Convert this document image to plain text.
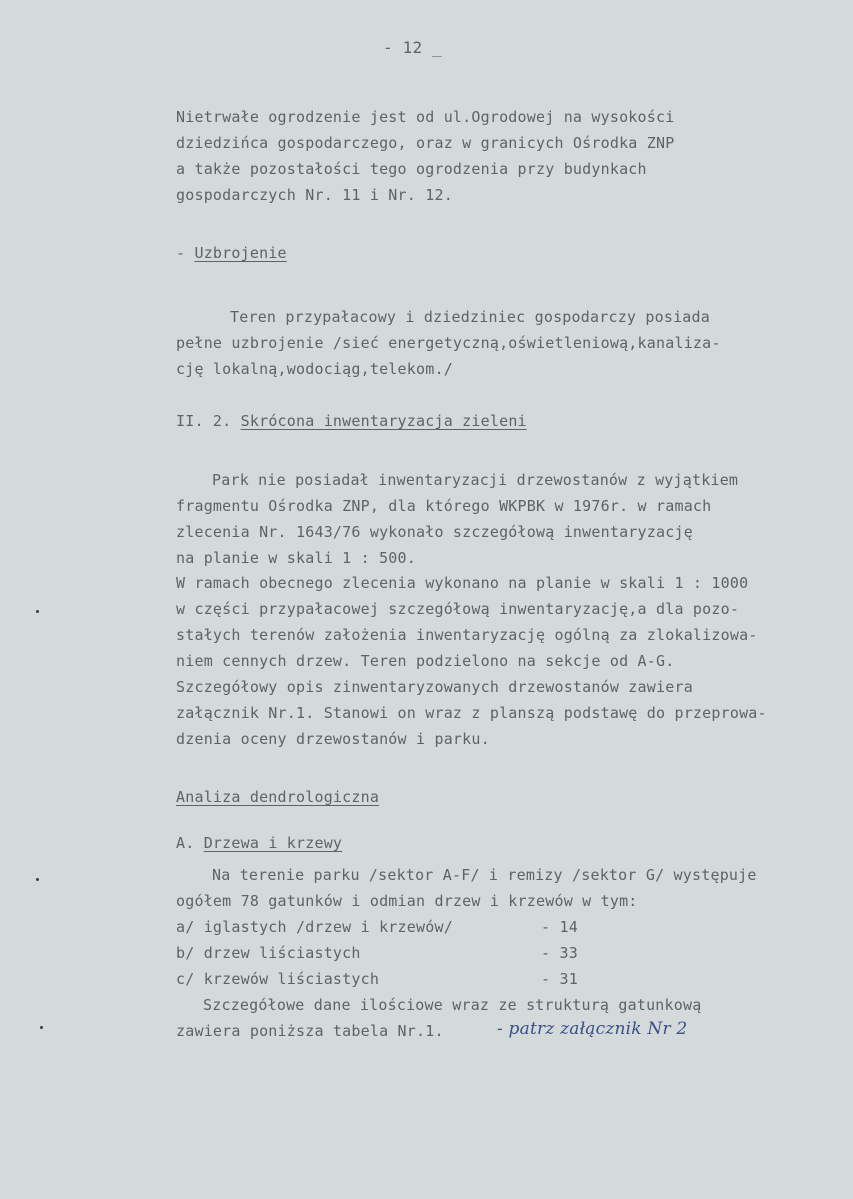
- 12 _
Nietrwałe ogrodzenie jest od ul.Ogrodowej na wysokości
dziedzińca gospodarczego, oraz w granicych Ośrodka ZNP
a także pozostałości tego ogrodzenia przy budynkach
gospodarczych Nr. 11 i Nr. 12.
- Uzbrojenie
Teren przypałacowy i dziedziniec gospodarczy posiada
pełne uzbrojenie /sieć energetyczną,oświetleniową,kanaliza-
cję lokalną,wodociąg,telekom./
II. 2. Skrócona inwentaryzacja zieleni
Park nie posiadał inwentaryzacji drzewostanów z wyjątkiem
fragmentu Ośrodka ZNP, dla którego WKPBK w 1976r. w ramach
zlecenia Nr. 1643/76 wykonało szczegółową inwentaryzację
na planie w skali 1 : 500.
W ramach obecnego zlecenia wykonano na planie w skali 1 : 1000
w części przypałacowej szczegółową inwentaryzację,a dla pozo-
stałych terenów założenia inwentaryzację ogólną za zlokalizowa-
niem cennych drzew. Teren podzielono na sekcje od A-G.
Szczegółowy opis zinwentaryzowanych drzewostanów zawiera
załącznik Nr.1. Stanowi on wraz z planszą podstawę do przeprowa-
dzenia oceny drzewostanów i parku.
Analiza dendrologiczna
A. Drzewa i krzewy
Na terenie parku /sektor A-F/ i remizy /sektor G/ występuje
ogółem 78 gatunków i odmian drzew i krzewów w tym:
a/ iglastych /drzew i krzewów/	- 14
b/ drzew liściastych	- 33
c/ krzewów liściastych	- 31
Szczegółowe dane ilościowe wraz ze strukturą gatunkową
zawiera poniższa tabela Nr.1.	- patrz załącznik Nr 2
